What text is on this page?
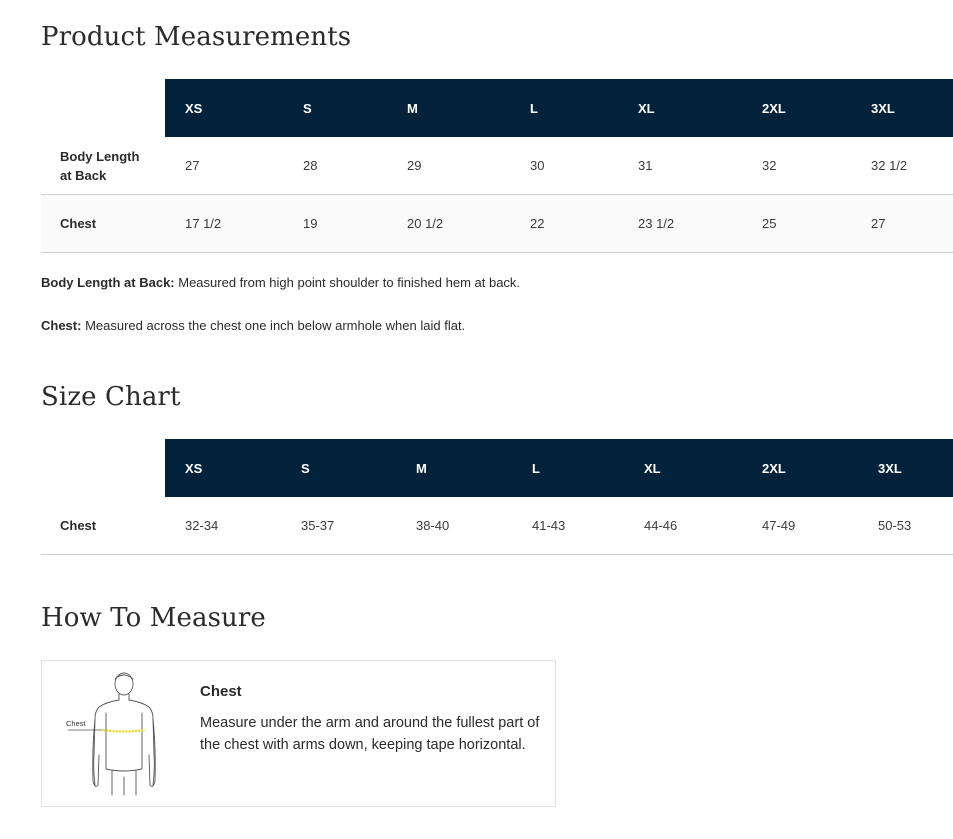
Product Measurements
	XS	S	M	L	XL	2XL	3XL
Body Length
at Back	27	28	29	30	31	32	32 1/2
Chest	17 1/2	19	20 1/2	22	23 1/2	25	27

Body Length at Back: Measured from high point shoulder to finished hem at back.

Chest: Measured across the chest one inch below armhole when laid flat.

Size Chart
	XS	S	M	L	XL	2XL	3XL
Chest	32-34	35-37	38-40	41-43	44-46	47-49	50-53
How To Measure
Chest

Chest

Measure under the arm and around the fullest part of the chest with arms down, keeping tape horizontal.
